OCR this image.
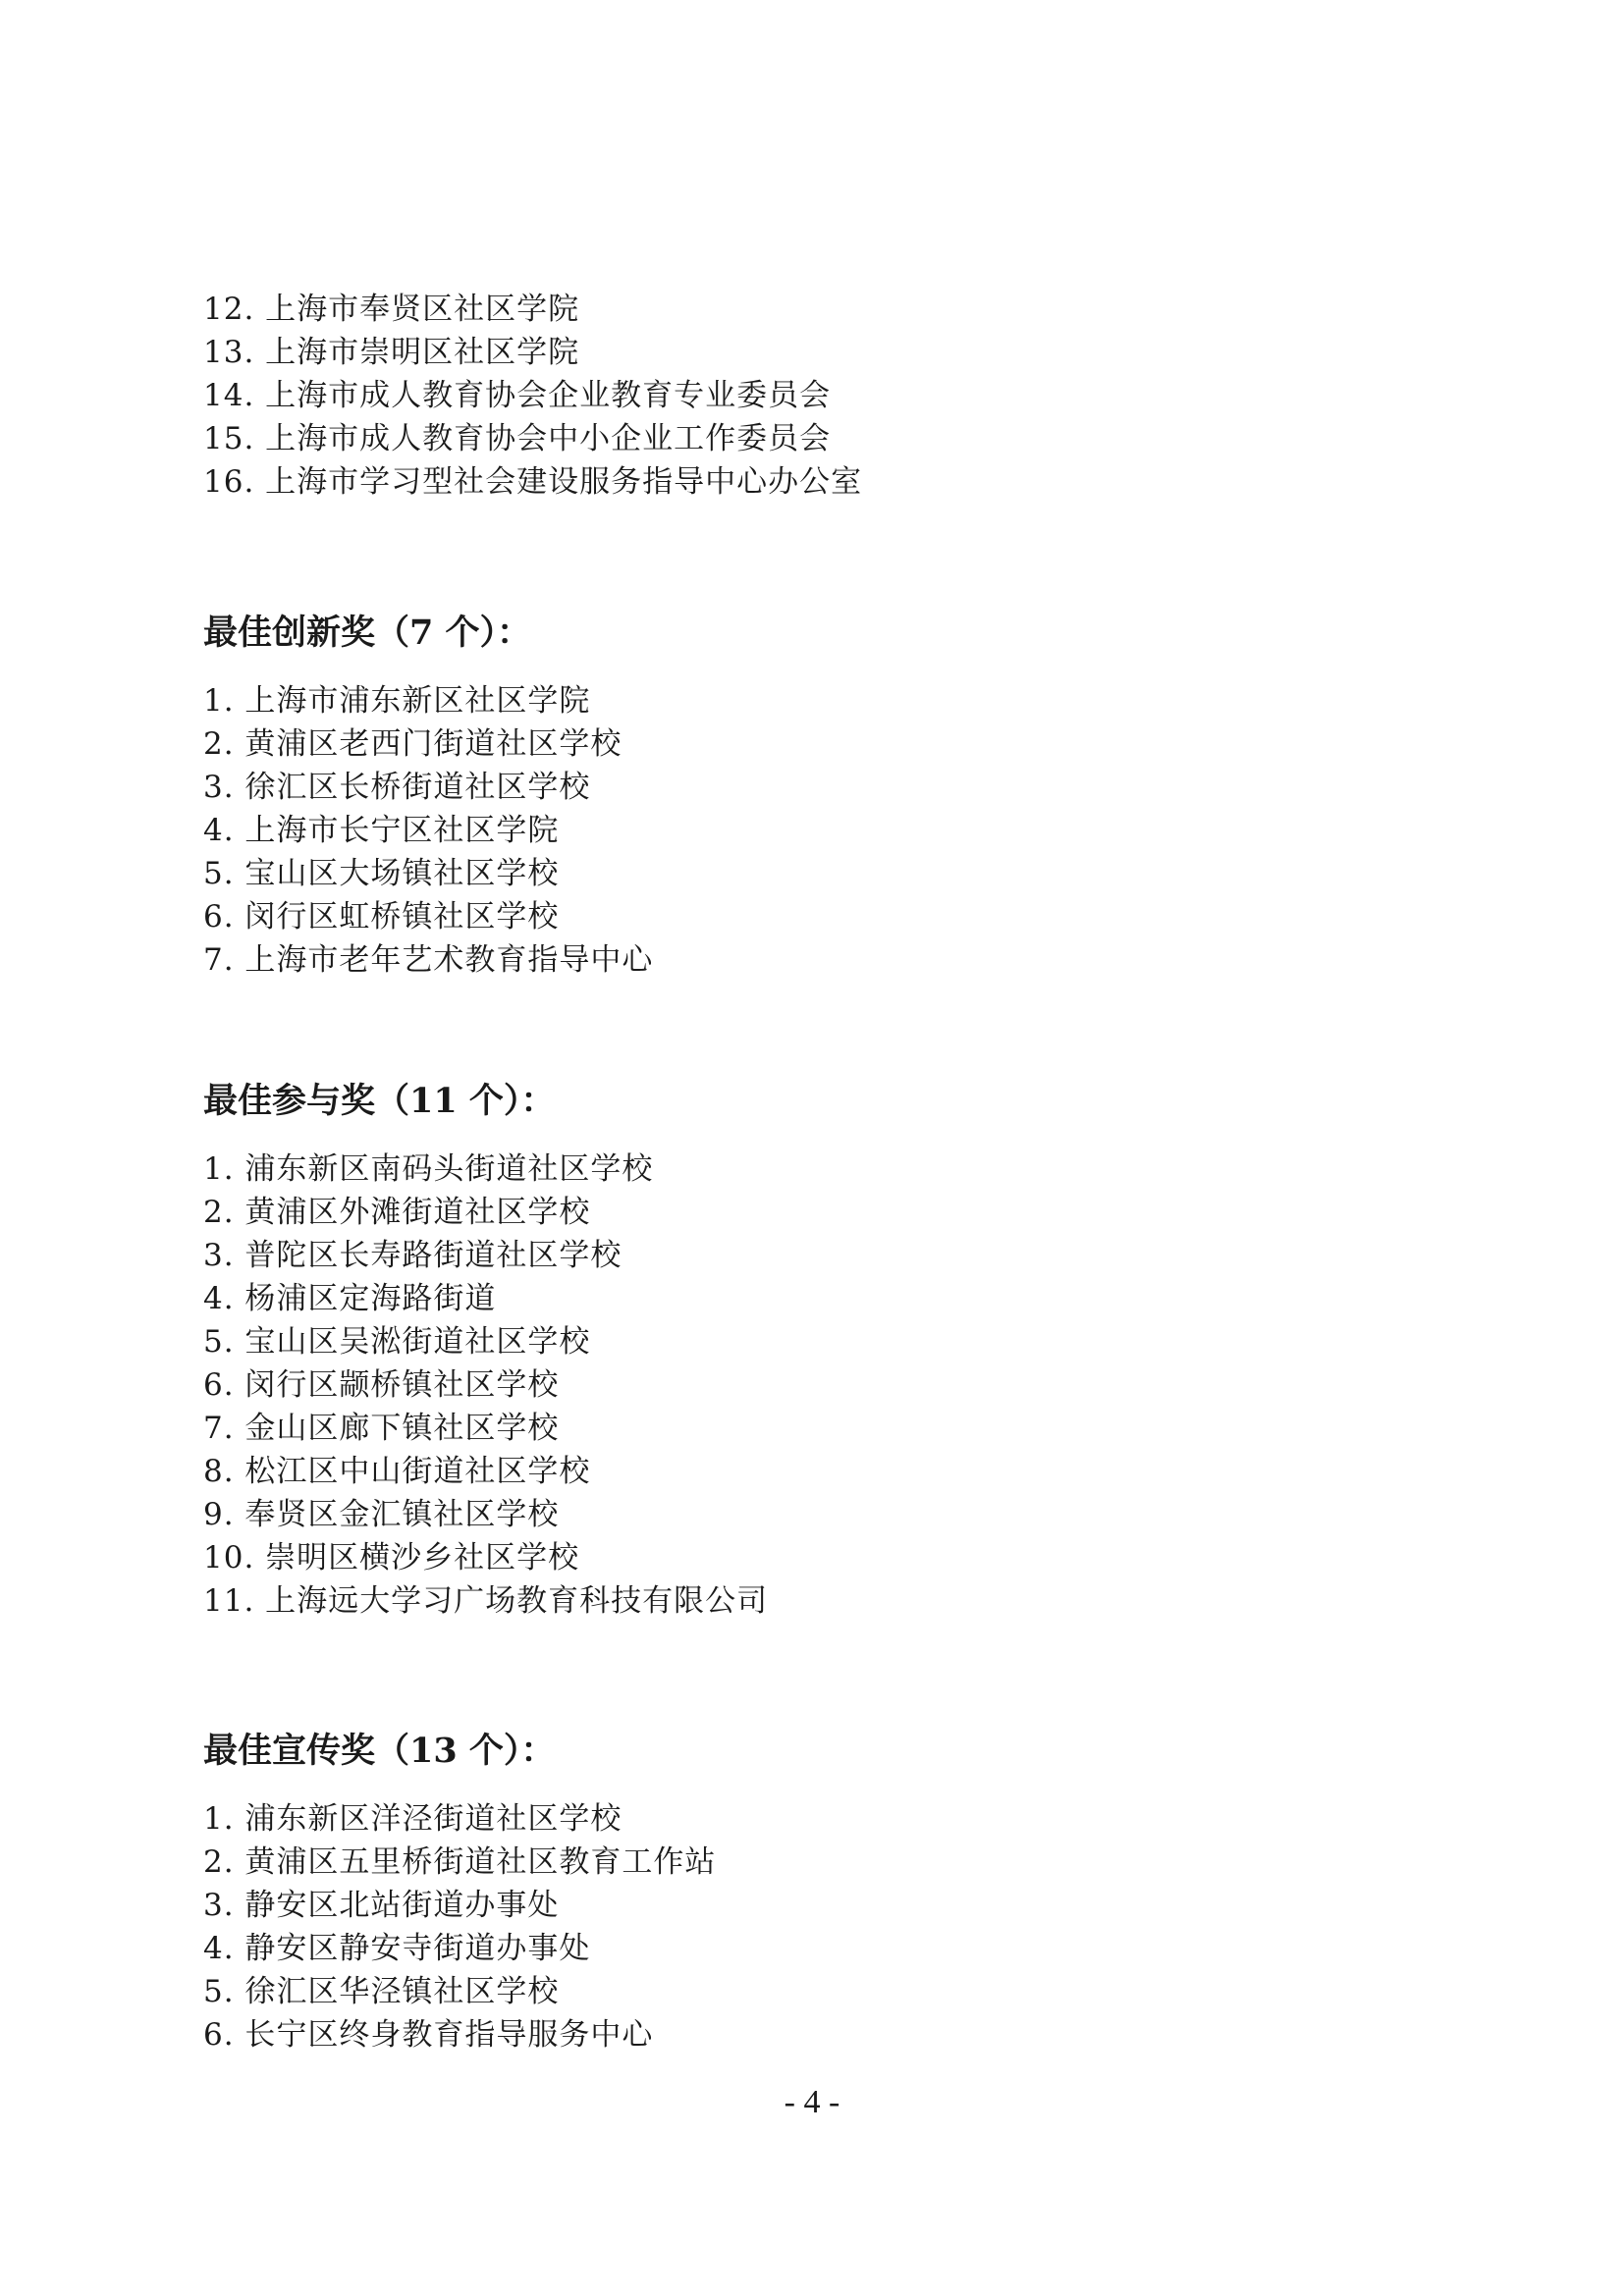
12. 上海市奉贤区社区学院
13. 上海市崇明区社区学院
14. 上海市成人教育协会企业教育专业委员会
15. 上海市成人教育协会中小企业工作委员会
16. 上海市学习型社会建设服务指导中心办公室
最佳创新奖（7 个）：
1. 上海市浦东新区社区学院
2. 黄浦区老西门街道社区学校
3. 徐汇区长桥街道社区学校
4. 上海市长宁区社区学院
5. 宝山区大场镇社区学校
6. 闵行区虹桥镇社区学校
7. 上海市老年艺术教育指导中心
最佳参与奖（11 个）：
1. 浦东新区南码头街道社区学校
2. 黄浦区外滩街道社区学校
3. 普陀区长寿路街道社区学校
4. 杨浦区定海路街道
5. 宝山区吴淞街道社区学校
6. 闵行区颛桥镇社区学校
7. 金山区廊下镇社区学校
8. 松江区中山街道社区学校
9. 奉贤区金汇镇社区学校
10. 崇明区横沙乡社区学校
11. 上海远大学习广场教育科技有限公司
最佳宣传奖（13 个）：
1. 浦东新区洋泾街道社区学校
2. 黄浦区五里桥街道社区教育工作站
3. 静安区北站街道办事处
4. 静安区静安寺街道办事处
5. 徐汇区华泾镇社区学校
6. 长宁区终身教育指导服务中心
- 4 -
